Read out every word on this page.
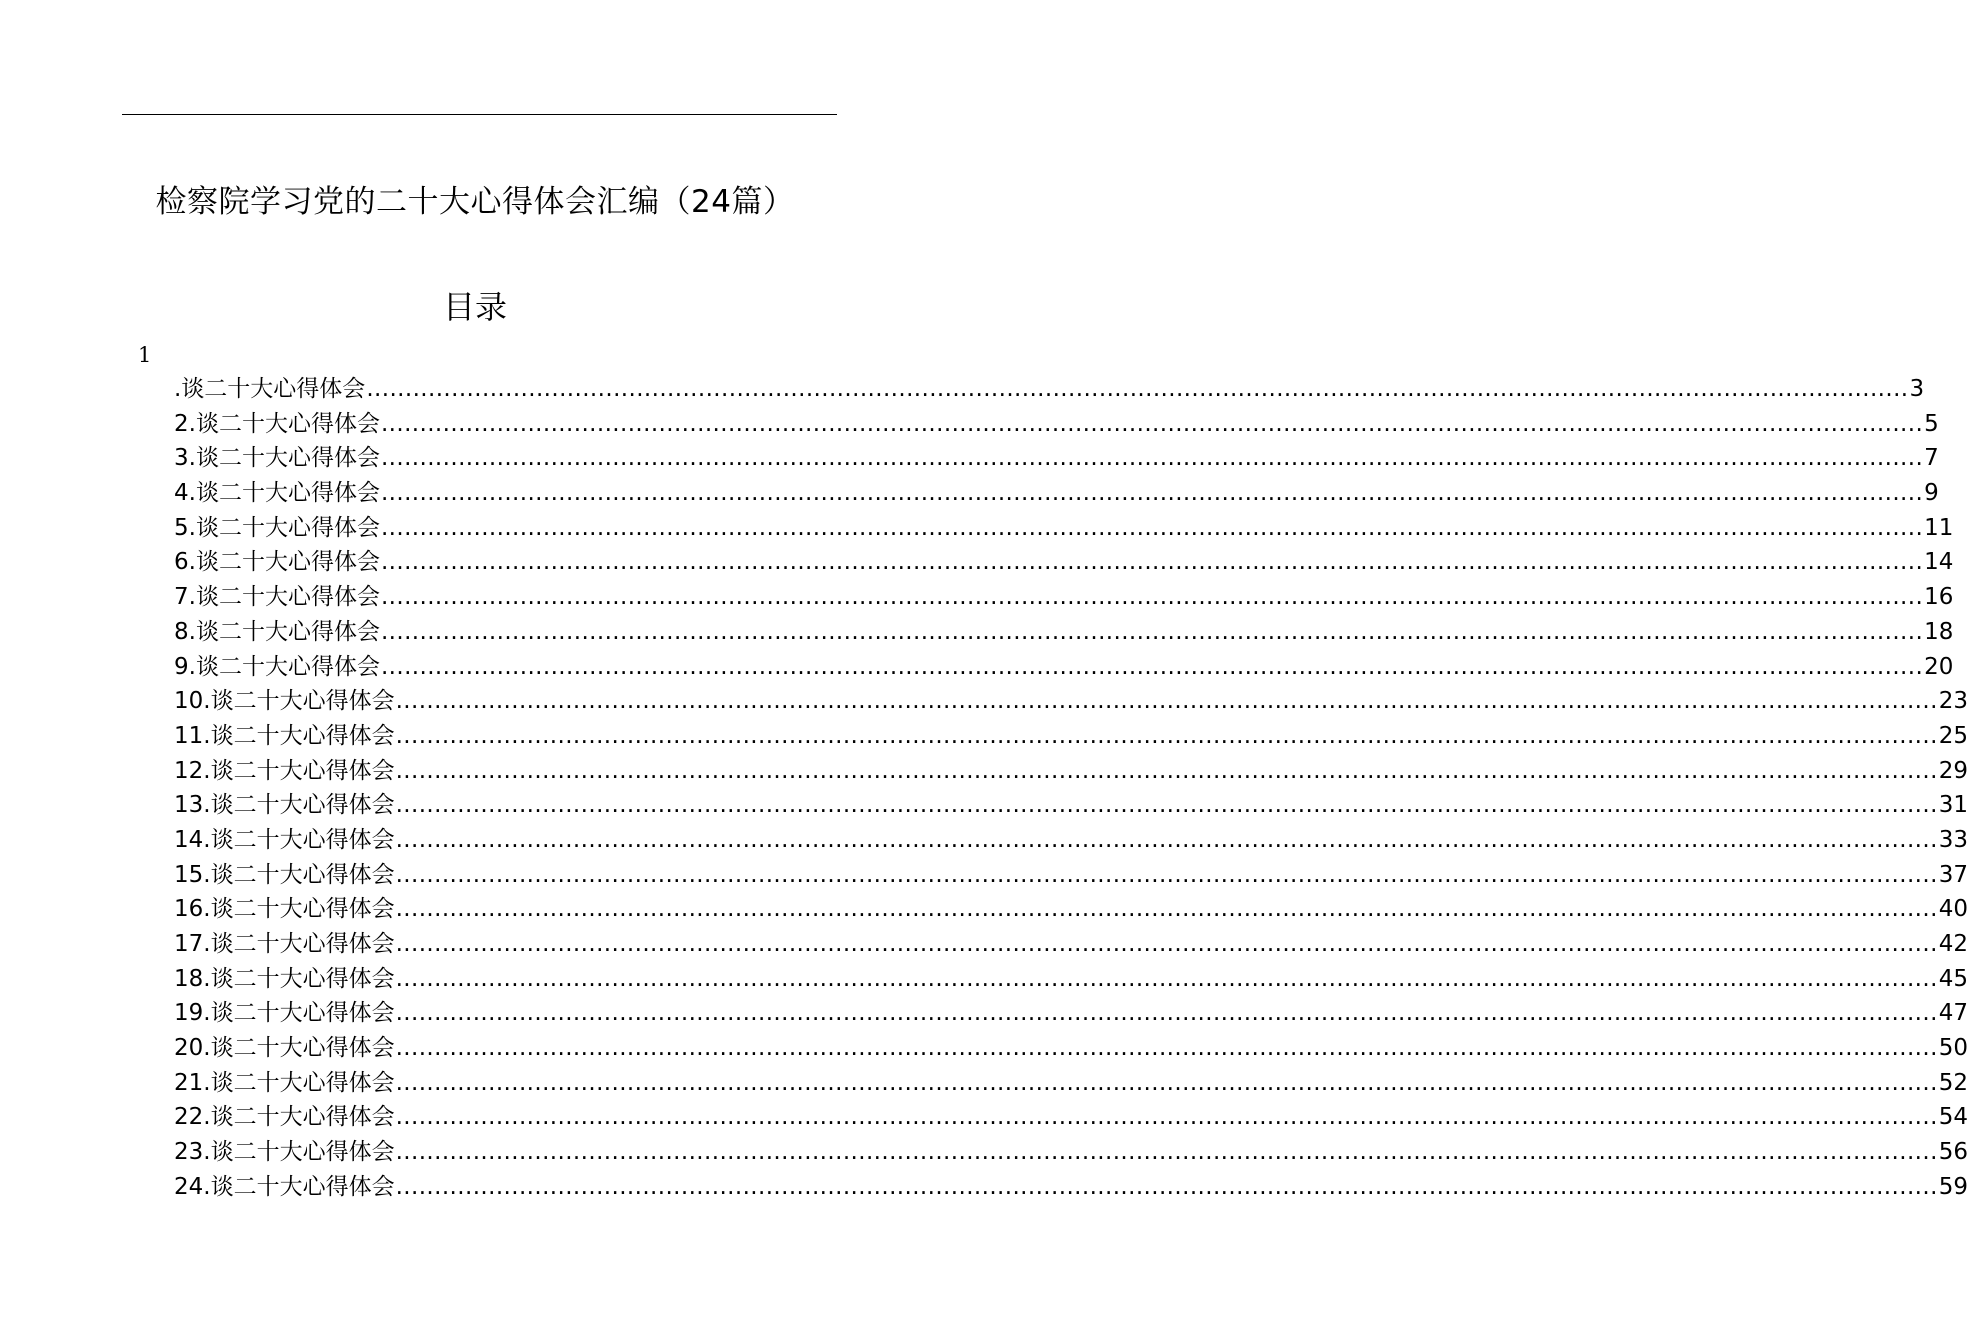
检察院学习党的二十大心得体会汇编（24篇）
目录
1
.谈二十大心得体会 ........................................................................................................................................................................................................ 3
2.谈二十大心得体会 ........................................................................................................................................................................................................ 5
3.谈二十大心得体会 ........................................................................................................................................................................................................ 7
4.谈二十大心得体会 ........................................................................................................................................................................................................ 9
5.谈二十大心得体会 ........................................................................................................................................................................................................ 11
6.谈二十大心得体会 ........................................................................................................................................................................................................ 14
7.谈二十大心得体会 ........................................................................................................................................................................................................ 16
8.谈二十大心得体会 ........................................................................................................................................................................................................ 18
9.谈二十大心得体会 ........................................................................................................................................................................................................ 20
10.谈二十大心得体会 ........................................................................................................................................................................................................ 23
11.谈二十大心得体会 ........................................................................................................................................................................................................ 25
12.谈二十大心得体会 ........................................................................................................................................................................................................ 29
13.谈二十大心得体会 ........................................................................................................................................................................................................ 31
14.谈二十大心得体会 ........................................................................................................................................................................................................ 33
15.谈二十大心得体会 ........................................................................................................................................................................................................ 37
16.谈二十大心得体会 ........................................................................................................................................................................................................ 40
17.谈二十大心得体会 ........................................................................................................................................................................................................ 42
18.谈二十大心得体会 ........................................................................................................................................................................................................ 45
19.谈二十大心得体会 ........................................................................................................................................................................................................ 47
20.谈二十大心得体会 ........................................................................................................................................................................................................ 50
21.谈二十大心得体会 ........................................................................................................................................................................................................ 52
22.谈二十大心得体会 ........................................................................................................................................................................................................ 54
23.谈二十大心得体会 ........................................................................................................................................................................................................ 56
24.谈二十大心得体会 ........................................................................................................................................................................................................ 59
